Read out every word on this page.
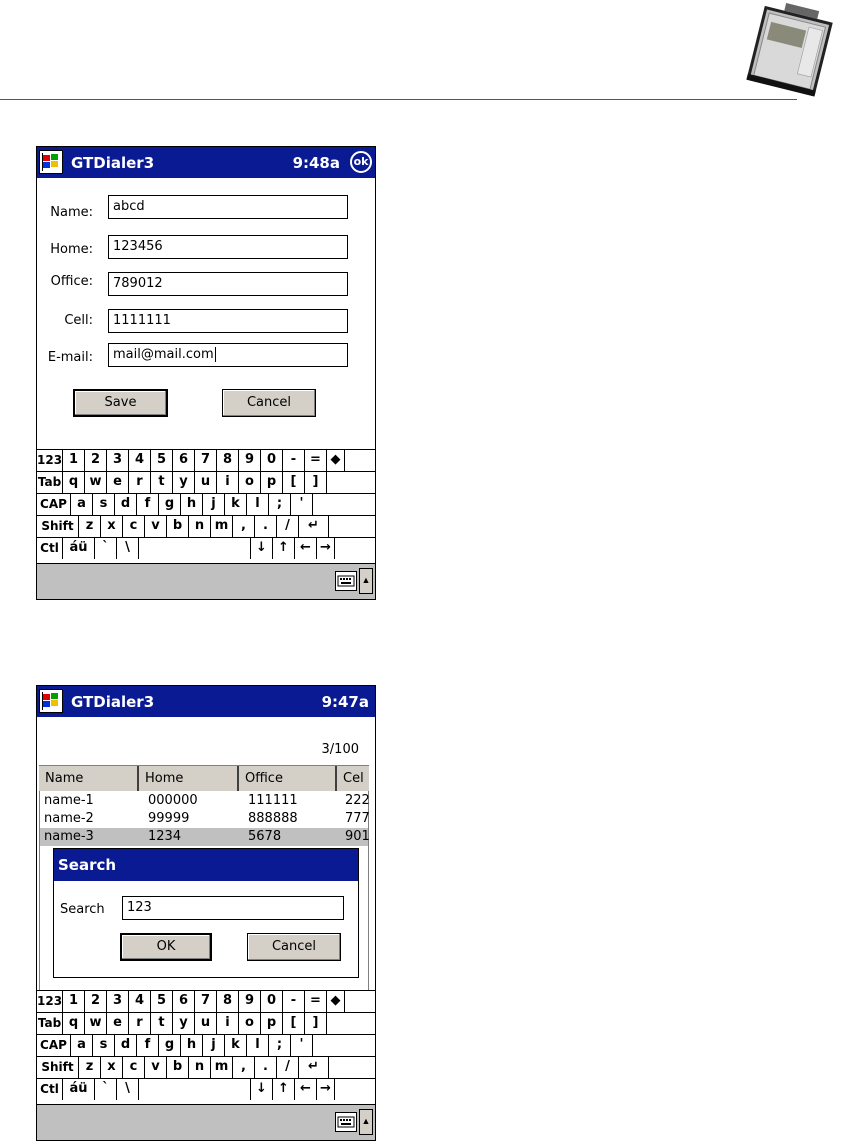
GTDialer3	9:48a	ok
Name:	abcd
Home:	123456
Office:	789012
Cell:	1111111
E-mail:	mail@mail.com
Save	Cancel
123 1 2 3 4 5 6 7 8 9 0	-	= ◆
Tab q w e	r	t	y	u	i	o p	[	]
CAP a	s	d	f	g h	j	k	l	;	'
Shift z	x	c	v	b n m ,	.	/	↵
Ctl áü	`	\	↓ ↑ ← →
▲
GTDialer3	9:47a
3/100
Name	Home	Office	Cel
name-1	000000	111111	222
name-2	99999	888888	777
name-3	1234	5678	901
Search
Search	123
OK	Cancel
123 1 2 3 4 5 6 7 8 9 0	-	= ◆
Tab q w e	r	t	y	u	i	o p	[	]
CAP a	s	d	f	g h	j	k	l	;	'
Shift z	x	c	v	b n m ,	.	/	↵
Ctl áü	`	\	↓ ↑ ← →
▲
